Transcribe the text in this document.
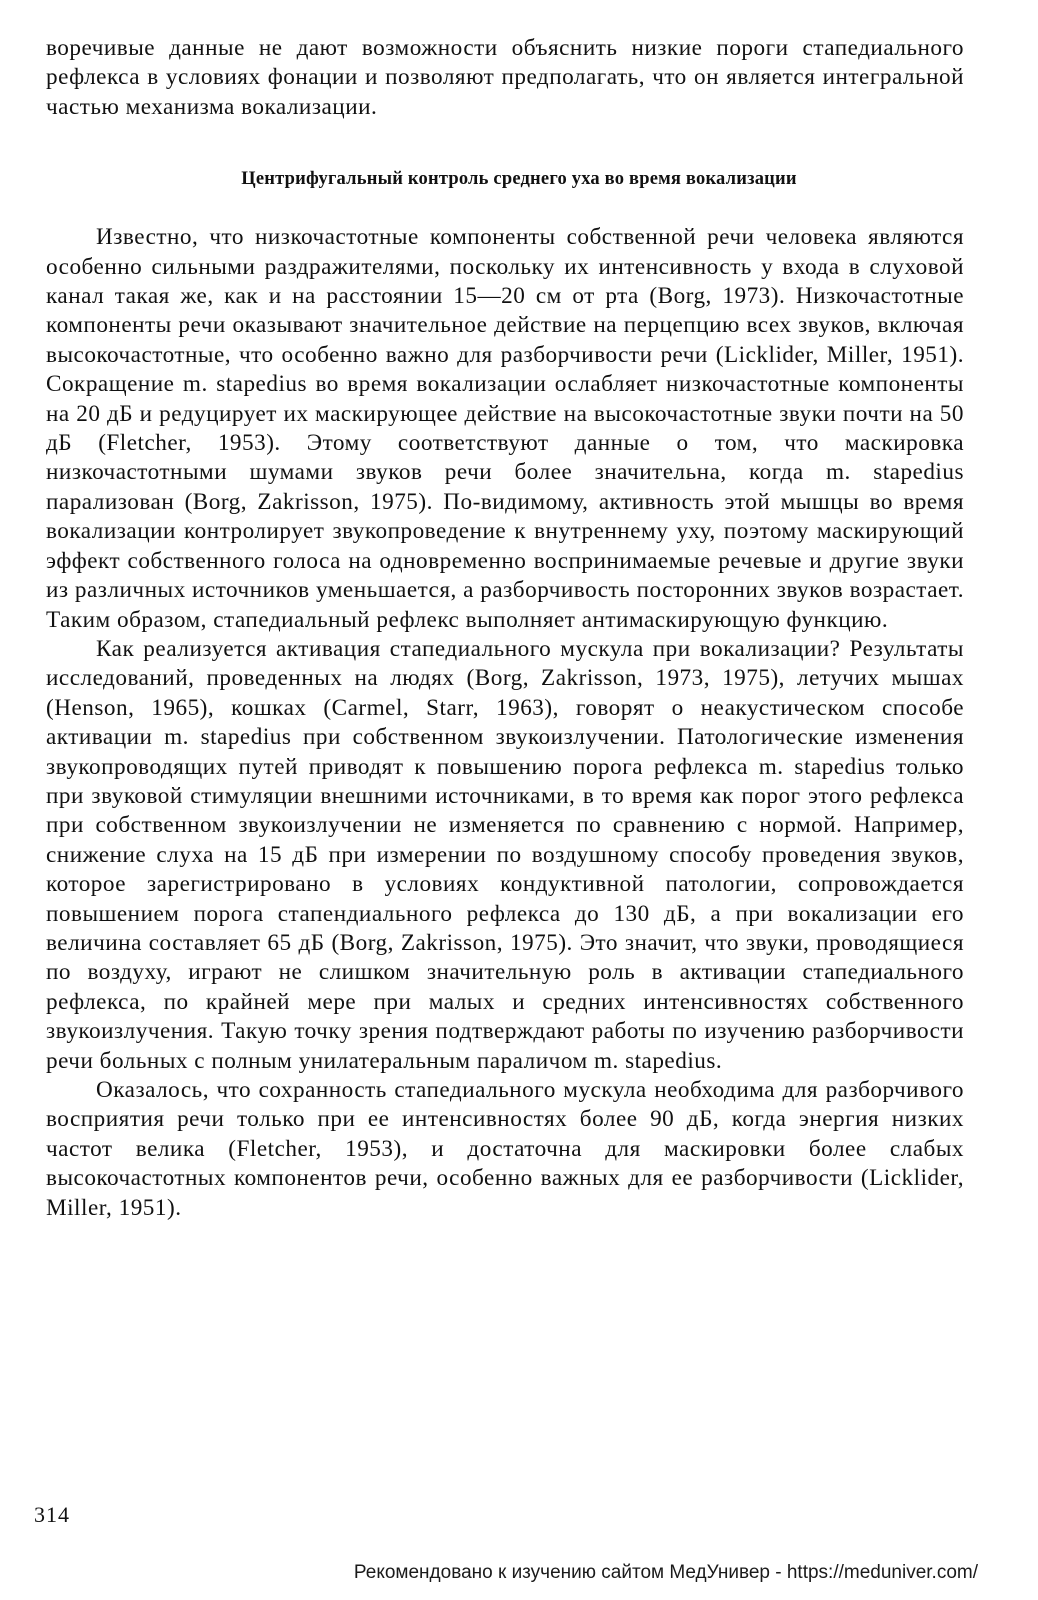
воречивые данные не дают возможности объяснить низкие пороги стапедиального рефлекса в условиях фонации и позволяют предполагать, что он является интегральной частью механизма вокализации.

Центрифугальный контроль среднего уха во время вокализации

Известно, что низкочастотные компоненты собственной речи человека являются особенно сильными раздражителями, поскольку их интенсивность у входа в слуховой канал такая же, как и на расстоянии 15—20 см от рта (Borg, 1973). Низкочастотные компоненты речи оказывают значительное действие на перцепцию всех звуков, включая высокочастотные, что особенно важно для разборчивости речи (Licklider, Miller, 1951). Сокращение m. stapedius во время вокализации ослабляет низкочастотные компоненты на 20 дБ и редуцирует их маскирующее действие на высокочастотные звуки почти на 50 дБ (Fletcher, 1953). Этому соответствуют данные о том, что маскировка низкочастотными шумами звуков речи более значительна, когда m. stapedius парализован (Borg, Zakrisson, 1975). По-видимому, активность этой мышцы во время вокализации контролирует звукопроведение к внутреннему уху, поэтому маскирующий эффект собственного голоса на одновременно воспринимаемые речевые и другие звуки из различных источников уменьшается, а разборчивость посторонних звуков возрастает. Таким образом, стапедиальный рефлекс выполняет антимаскирующую функцию.

Как реализуется активация стапедиального мускула при вокализации? Результаты исследований, проведенных на людях (Borg, Zakrisson, 1973, 1975), летучих мышах (Henson, 1965), кошках (Carmel, Starr, 1963), говорят о неакустическом способе активации m. stapedius при собственном звукоизлучении. Патологические изменения звукопроводящих путей приводят к повышению порога рефлекса m. stapedius только при звуковой стимуляции внешними источниками, в то время как порог этого рефлекса при собственном звукоизлучении не изменяется по сравнению с нормой. Например, снижение слуха на 15 дБ при измерении по воздушному способу проведения звуков, которое зарегистрировано в условиях кондуктивной патологии, сопровождается повышением порога стапендиального рефлекса до 130 дБ, а при вокализации его величина составляет 65 дБ (Borg, Zakrisson, 1975). Это значит, что звуки, проводящиеся по воздуху, играют не слишком значительную роль в активации стапедиального рефлекса, по крайней мере при малых и средних интенсивностях собственного звукоизлучения. Такую точку зрения подтверждают работы по изучению разборчивости речи больных с полным унилатеральным параличом m. stapedius.

Оказалось, что сохранность стапедиального мускула необходима для разборчивого восприятия речи только при ее интенсивностях более 90 дБ, когда энергия низких частот велика (Fletcher, 1953), и достаточна для маскировки более слабых высокочастотных компонентов речи, особенно важных для ее разборчивости (Licklider, Miller, 1951).

314
Рекомендовано к изучению сайтом МедУнивер - https://meduniver.com/
